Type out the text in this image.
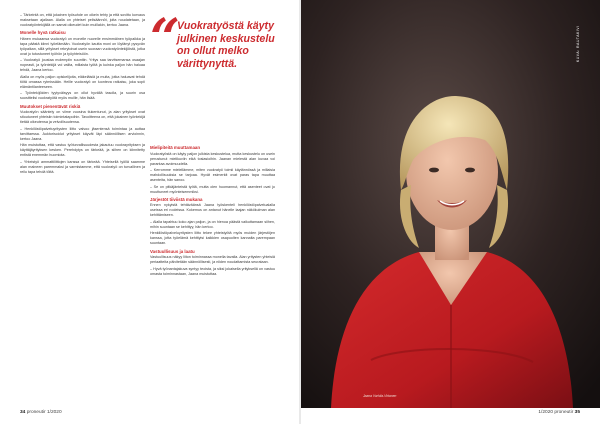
– Tärkeintä on, että jokainen työsuhde on oikein tehty ja että sovittu korvaus maksetaan ajallaan. Alalla on yhteiset pelisäännöt, joita noudatetaan, ja vuokratyöntekijällä on samat oikeudet kuin muillakin, kertoo Jaana.

Monelle hyvä ratkaisu

Hänen mukaansa vuokratyö on monelle nuorelle ensimmäinen työpaikka ja tapa päästä kiinni työelämään. Vuokratyön kautta moni on löytänyt pysyvän työpaikan, sillä yritykset rekrytoivat usein suoraan vuokratyöntekijöistä, jotka ovat jo tutustuneet työhön ja työyhteisöön.

– Vuokratyö joustaa molempiin suuntiin. Yritys saa tarvitsemansa osaajan nopeasti, ja työntekijä voi valita, millaista työtä ja kuinka paljon hän haluaa tehdä, Jaana kertoo.

Alalla on myös paljon opiskelijoita, eläkeläisiä ja muita, jotka haluavat tehdä töitä omassa rytmissään. Heille vuokratyö on luonteva ratkaisu, joka sopii elämäntilanteeseen.

– Työntekijöiden tyytyväisyys on ollut hyvällä tasolla, ja suurin osa suosittelisi vuokratyötä myös muille, hän lisää.

Muutokset pienentävät riskiä

Vuokratyön sääntely on viime vuosina tiukentunut, ja alan yritykset ovat sitoutuneet yhteisiin toimintatapoihin. Tavoitteena on, että jokainen työntekijä tietää oikeutensa ja velvollisuutensa.

– Henkilöstöpalveluyritysten liitto valvoo jäsentensä toimintaa ja auttaa tarvittaessa. Auktorisoidut yritykset käyvät läpi säännöllisen arvioinnin, kertoo Jaana.

Hän muistuttaa, että vastuu työturvallisuudesta jakautuu vuokrayrityksen ja käyttäjäyrityksen kesken. Perehdytys on tärkeää, ja siihen on kiinnitetty entistä enemmän huomiota.

– Yhteistyö ammattiliittojen kanssa on tärkeää. Yhteisellä työllä saamme alan maineen paremmaksi ja varmistamme, että vuokratyö on turvallinen ja reilu tapa tehdä töitä.

“ Vuokratyöstä käyty julkinen keskustelu on ollut melko värittynyttä.

Mielipiteitä muuttamaan

Vuokratyöstä on käyty paljon julkista keskustelua, mutta keskustelu on usein perustunut mielikuviin eikä tosiasioihin. Jaanan mielestä alan kuvaa voi parantaa avoimuudella.

– Kerromme mielellämme, miten vuokratyö toimii käytännössä ja millaisia mahdollisuuksia se tarjoaa. Hyvät esimerkit ovat paras tapa muuttaa asenteita, hän sanoo.

– Se on pitkäjänteistä työtä, mutta olen huomannut, että asenteet ovat jo muuttuneet myönteisemmiksi.

Järjestöt tiiviistä mukana

Ennen nykyistä tehtäväänsä Jaana työskenteli henkilöstöpalvelualalla useissa eri rooleissa. Kokemus on antanut hänelle laajan näkökulman alan kehittämiseen.

– Alalla tapahtuu koko ajan paljon, ja on hienoa päästä vaikuttamaan siihen, mihin suuntaan se kehittyy, hän kertoo.

Henkilöstöpalveluyritysten liitto tekee yhteistyötä myös muiden järjestöjen kanssa, jotta työelämä kehittyisi kaikkien osapuolten kannalta parempaan suuntaan.

Vastuullisuus ja laatu

Vastuullisuus näkyy liiton toiminnassa monella tavalla. Alan yritysten yhteisiä periaatteita päivitetään säännöllisesti, ja niiden noudattamista seurataan.

– Hyvä työnantajakuva syntyy teoista, ja siksi jokaisella yrityksellä on vastuu omasta toiminnastaan, Jaana muistuttaa.

KUVA: RAUTAKIVI
Jaana Varhila-Virtanen
34 proneutir 1/2020	1/2020 proneutir 35
